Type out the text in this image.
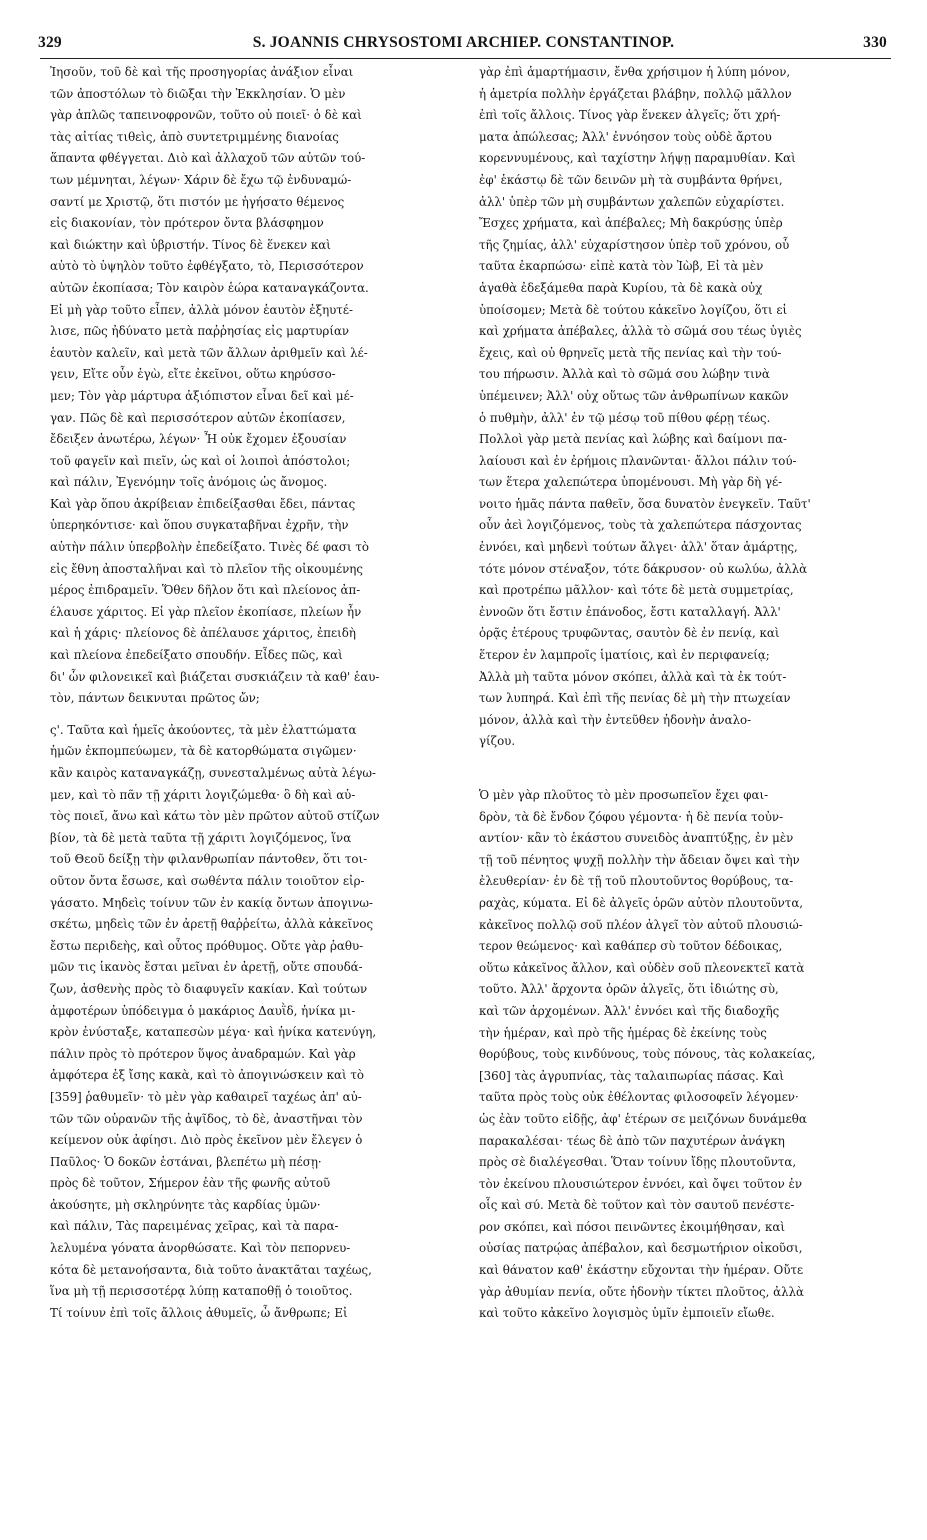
329	S. JOANNIS CHRYSOSTOMI ARCHIEP. CONSTANTINOP.	330
Ἰησοῦν, τοῦ δὲ καὶ τῆς προσηγορίας ἀνάξιον εἶναι
τῶν ἀποστόλων τὸ διῶξαι τὴν Ἐκκλησίαν. Ὁ μὲν
γὰρ ἁπλῶς ταπεινοφρονῶν, τοῦτο οὐ ποιεῖ· ὁ δὲ καὶ
τὰς αἰτίας τιθεὶς, ἀπὸ συντετριμμένης διανοίας
ἅπαντα φθέγγεται. Διὸ καὶ ἀλλαχοῦ τῶν αὐτῶν τού-
των μέμνηται, λέγων· Χάριν δὲ ἔχω τῷ ἐνδυναμώ-
σαντί με Χριστῷ, ὅτι πιστόν με ἡγήσατο θέμενος
εἰς διακονίαν, τὸν πρότερον ὄντα βλάσφημον
καὶ διώκτην καὶ ὑβριστήν. Τίνος δὲ ἕνεκεν καὶ
αὐτὸ τὸ ὑψηλὸν τοῦτο ἐφθέγξατο, τὸ, Περισσότερον
αὐτῶν ἐκοπίασα; Τὸν καιρὸν ἑώρα καταναγκάζοντα.
Εἰ μὴ γὰρ τοῦτο εἶπεν, ἀλλὰ μόνον ἑαυτὸν ἐξηυτέ-
λισε, πῶς ἠδύνατο μετὰ παῤῥησίας εἰς μαρτυρίαν
ἑαυτὸν καλεῖν, καὶ μετὰ τῶν ἄλλων ἀριθμεῖν καὶ λέ-
γειν, Εἴτε οὖν ἐγὼ, εἴτε ἐκεῖνοι, οὕτω κηρύσσο-
μεν; Τὸν γὰρ μάρτυρα ἀξιόπιστον εἶναι δεῖ καὶ μέ-
γαν. Πῶς δὲ καὶ περισσότερον αὐτῶν ἐκοπίασεν,
ἔδειξεν ἀνωτέρω, λέγων· Ἦ οὐκ ἔχομεν ἐξουσίαν
τοῦ φαγεῖν καὶ πιεῖν, ὡς καὶ οἱ λοιποὶ ἀπόστολοι;
καὶ πάλιν, Ἐγενόμην τοῖς ἀνόμοις ὡς ἄνομος.
Καὶ γὰρ ὅπου ἀκρίβειαν ἐπιδείξασθαι ἔδει, πάντας
ὑπερηκόντισε· καὶ ὅπου συγκαταβῆναι ἐχρῆν, τὴν
αὐτὴν πάλιν ὑπερβολὴν ἐπεδείξατο. Τινὲς δέ φασι τὸ
εἰς ἔθνη ἀποσταλῆναι καὶ τὸ πλεῖον τῆς οἰκουμένης
μέρος ἐπιδραμεῖν. Ὅθεν δῆλον ὅτι καὶ πλείονος ἀπ-
έλαυσε χάριτος. Εἰ γὰρ πλεῖον ἐκοπίασε, πλείων ἦν
καὶ ἡ χάρις· πλείονος δὲ ἀπέλαυσε χάριτος, ἐπειδὴ
καὶ πλείονα ἐπεδείξατο σπουδήν. Εἶδες πῶς, καὶ
δι' ὧν φιλονεικεῖ καὶ βιάζεται συσκιάζειν τὰ καθ' ἑαυ-
τὸν, πάντων δεικνυται πρῶτος ὤν;
ς'. Ταῦτα καὶ ἡμεῖς ἀκούοντες, τὰ μὲν ἐλαττώματα
ἡμῶν ἐκπομπεύωμεν, τὰ δὲ κατορθώματα σιγῶμεν·
κἂν καιρὸς καταναγκάζῃ, συνεσταλμένως αὐτὰ λέγω-
μεν, καὶ τὸ πᾶν τῇ χάριτι λογιζώμεθα· ὃ δὴ καὶ αὐ-
τὸς ποιεῖ, ἄνω καὶ κάτω τὸν μὲν πρῶτον αὐτοῦ στίζων
βίον, τὰ δὲ μετὰ ταῦτα τῇ χάριτι λογιζόμενος, ἵνα
τοῦ Θεοῦ δείξῃ τὴν φιλανθρωπίαν πάντοθεν, ὅτι τοι-
οῦτον ὄντα ἔσωσε, καὶ σωθέντα πάλιν τοιοῦτον εἰρ-
γάσατο. Μηδεὶς τοίνυν τῶν ἐν κακίᾳ ὄντων ἀπογινω-
σκέτω, μηδεὶς τῶν ἐν ἀρετῇ θαῤῥείτω, ἀλλὰ κἀκεῖνος
ἔστω περιδεὴς, καὶ οὗτος πρόθυμος. Οὔτε γὰρ ῥαθυ-
μῶν τις ἱκανὸς ἔσται μεῖναι ἐν ἀρετῇ, οὔτε σπουδά-
ζων, ἀσθενὴς πρὸς τὸ διαφυγεῖν κακίαν. Καὶ τούτων
ἀμφοτέρων ὑπόδειγμα ὁ μακάριος Δαυῒδ, ἡνίκα μι-
κρὸν ἐνύσταξε, καταπεσὼν μέγα· καὶ ἡνίκα κατενύγη,
πάλιν πρὸς τὸ πρότερον ὕψος ἀναδραμών. Καὶ γὰρ
ἀμφότερα ἐξ ἴσης κακὰ, καὶ τὸ ἀπογινώσκειν καὶ τὸ
[359] ῥαθυμεῖν· τὸ μὲν γὰρ καθαιρεῖ ταχέως ἀπ' αὐ-
τῶν τῶν οὐρανῶν τῆς ἀψῖδος, τὸ δὲ, ἀναστῆναι τὸν
κείμενον οὐκ ἀφίησι. Διὸ πρὸς ἐκεῖνον μὲν ἔλεγεν ὁ
Παῦλος· Ὁ δοκῶν ἑστάναι, βλεπέτω μὴ πέσῃ·
πρὸς δὲ τοῦτον, Σήμερον ἐὰν τῆς φωνῆς αὐτοῦ
ἀκούσητε, μὴ σκληρύνητε τὰς καρδίας ὑμῶν·
καὶ πάλιν, Τὰς παρειμένας χεῖρας, καὶ τὰ παρα-
λελυμένα γόνατα ἀνορθώσατε. Καὶ τὸν πεπορνευ-
κότα δὲ μετανοήσαντα, διὰ τοῦτο ἀνακτᾶται ταχέως,
ἵνα μὴ τῇ περισσοτέρᾳ λύπῃ καταποθῇ ὁ τοιοῦτος.
Τί τοίνυν ἐπὶ τοῖς ἄλλοις ἀθυμεῖς, ὦ ἄνθρωπε; Εἰ
γὰρ ἐπὶ ἁμαρτήμασιν, ἔνθα χρήσιμον ἡ λύπη μόνον,
ἡ ἀμετρία πολλὴν ἐργάζεται βλάβην, πολλῷ μᾶλλον
ἐπὶ τοῖς ἄλλοις. Τίνος γὰρ ἕνεκεν ἀλγεῖς; ὅτι χρή-
ματα ἀπώλεσας; Ἀλλ' ἐννόησον τοὺς οὐδὲ ἄρτου
κορεννυμένους, καὶ ταχίστην λήψῃ παραμυθίαν. Καὶ
ἐφ' ἑκάστῳ δὲ τῶν δεινῶν μὴ τὰ συμβάντα θρήνει,
ἀλλ' ὑπὲρ τῶν μὴ συμβάντων χαλεπῶν εὐχαρίστει.
Ἔσχες χρήματα, καὶ ἀπέβαλες; Μὴ δακρύσῃς ὑπὲρ
τῆς ζημίας, ἀλλ' εὐχαρίστησον ὑπὲρ τοῦ χρόνου, οὗ
ταῦτα ἐκαρπώσω· εἰπὲ κατὰ τὸν Ἰὼβ, Εἰ τὰ μὲν
ἀγαθὰ ἐδεξάμεθα παρὰ Κυρίου, τὰ δὲ κακὰ οὐχ
ὑποίσομεν; Μετὰ δὲ τούτου κἀκεῖνο λογίζου, ὅτι εἰ
καὶ χρήματα ἀπέβαλες, ἀλλὰ τὸ σῶμά σου τέως ὑγιὲς
ἔχεις, καὶ οὐ θρηνεῖς μετὰ τῆς πενίας καὶ τὴν τού-
του πήρωσιν. Ἀλλὰ καὶ τὸ σῶμά σου λώβην τινὰ
ὑπέμεινεν; Ἀλλ' οὐχ οὕτως τῶν ἀνθρωπίνων κακῶν
ὁ πυθμὴν, ἀλλ' ἐν τῷ μέσῳ τοῦ πίθου φέρῃ τέως.
Πολλοὶ γὰρ μετὰ πενίας καὶ λώβης καὶ δαίμονι πα-
λαίουσι καὶ ἐν ἐρήμοις πλανῶνται· ἄλλοι πάλιν τού-
των ἕτερα χαλεπώτερα ὑπομένουσι. Μὴ γὰρ δὴ γέ-
νοιτο ἡμᾶς πάντα παθεῖν, ὅσα δυνατὸν ἐνεγκεῖν. Ταῦτ'
οὖν ἀεὶ λογιζόμενος, τοὺς τὰ χαλεπώτερα πάσχοντας
ἐννόει, καὶ μηδενὶ τούτων ἄλγει· ἀλλ' ὅταν ἁμάρτῃς,
τότε μόνον στέναξον, τότε δάκρυσον· οὐ κωλύω, ἀλλὰ
καὶ προτρέπω μᾶλλον· καὶ τότε δὲ μετὰ συμμετρίας,
ἐννοῶν ὅτι ἔστιν ἐπάνοδος, ἔστι καταλλαγή. Ἀλλ'
ὁρᾷς ἑτέρους τρυφῶντας, σαυτὸν δὲ ἐν πενίᾳ, καὶ
ἕτερον ἐν λαμπροῖς ἱματίοις, καὶ ἐν περιφανείᾳ;
Ἀλλὰ μὴ ταῦτα μόνον σκόπει, ἀλλὰ καὶ τὰ ἐκ τούτ-
των λυπηρά. Καὶ ἐπὶ τῆς πενίας δὲ μὴ τὴν πτωχείαν
μόνον, ἀλλὰ καὶ τὴν ἐντεῦθεν ἡδονὴν ἀναλο-
γίζου.
Ὁ μὲν γὰρ πλοῦτος τὸ μὲν προσωπεῖον ἔχει φαι-
δρὸν, τὰ δὲ ἔνδον ζόφου γέμοντα· ἡ δὲ πενία τοὐν-
αντίον· κἂν τὸ ἑκάστου συνειδὸς ἀναπτύξῃς, ἐν μὲν
τῇ τοῦ πένητος ψυχῇ πολλὴν τὴν ἄδειαν ὄψει καὶ τὴν
ἐλευθερίαν· ἐν δὲ τῇ τοῦ πλουτοῦντος θορύβους, τα-
ραχὰς, κύματα. Εἰ δὲ ἀλγεῖς ὁρῶν αὐτὸν πλουτοῦντα,
κἀκεῖνος πολλῷ σοῦ πλέον ἀλγεῖ τὸν αὐτοῦ πλουσιώ-
τερον θεώμενος· καὶ καθάπερ σὺ τοῦτον δέδοικας,
οὕτω κἀκεῖνος ἄλλον, καὶ οὐδὲν σοῦ πλεονεκτεῖ κατὰ
τοῦτο. Ἀλλ' ἄρχοντα ὁρῶν ἀλγεῖς, ὅτι ἰδιώτης σὺ,
καὶ τῶν ἀρχομένων. Ἀλλ' ἐννόει καὶ τῆς διαδοχῆς
τὴν ἡμέραν, καὶ πρὸ τῆς ἡμέρας δὲ ἐκείνης τοὺς
θορύβους, τοὺς κινδύνους, τοὺς πόνους, τὰς κολακείας,
[360] τὰς ἀγρυπνίας, τὰς ταλαιπωρίας πάσας. Καὶ
ταῦτα πρὸς τοὺς οὐκ ἐθέλοντας φιλοσοφεῖν λέγομεν·
ὡς ἐὰν τοῦτο εἰδῇς, ἀφ' ἑτέρων σε μειζόνων δυνάμεθα
παρακαλέσαι· τέως δὲ ἀπὸ τῶν παχυτέρων ἀνάγκη
πρὸς σὲ διαλέγεσθαι. Ὅταν τοίνυν ἴδῃς πλουτοῦντα,
τὸν ἐκείνου πλουσιώτερον ἐννόει, καὶ ὄψει τοῦτον ἐν
οἷς καὶ σύ. Μετὰ δὲ τοῦτον καὶ τὸν σαυτοῦ πενέστε-
ρον σκόπει, καὶ πόσοι πεινῶντες ἐκοιμήθησαν, καὶ
οὐσίας πατρῴας ἀπέβαλον, καὶ δεσμωτήριον οἰκοῦσι,
καὶ θάνατον καθ' ἑκάστην εὔχονται τὴν ἡμέραν. Οὔτε
γὰρ ἀθυμίαν πενία, οὔτε ἡδονὴν τίκτει πλοῦτος, ἀλλὰ
καὶ τοῦτο κἀκεῖνο λογισμὸς ὑμῖν ἐμποιεῖν εἴωθε.
